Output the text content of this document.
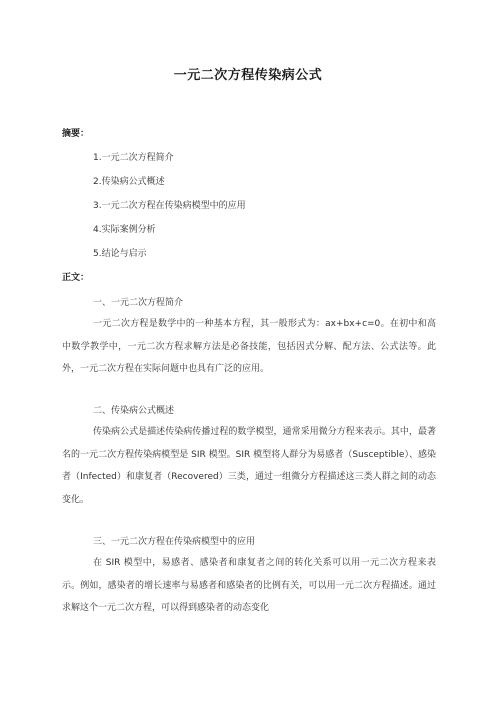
一元二次方程传染病公式
摘要：
1.一元二次方程简介
2.传染病公式概述
3.一元二次方程在传染病模型中的应用
4.实际案例分析
5.结论与启示
正文：
一、一元二次方程简介

一元二次方程是数学中的一种基本方程，其一般形式为：ax+bx+c=0。在初中和高中数学教学中，一元二次方程求解方法是必备技能，包括因式分解、配方法、公式法等。此外，一元二次方程在实际问题中也具有广泛的应用。

二、传染病公式概述

传染病公式是描述传染病传播过程的数学模型，通常采用微分方程来表示。其中，最著名的一元二次方程传染病模型是 SIR 模型。SIR 模型将人群分为易感者（Susceptible）、感染者（Infected）和康复者（Recovered）三类，通过一组微分方程描述这三类人群之间的动态变化。

三、一元二次方程在传染病模型中的应用

在 SIR 模型中，易感者、感染者和康复者之间的转化关系可以用一元二次方程来表示。例如，感染者的增长速率与易感者和感染者的比例有关，可以用一元二次方程描述。通过求解这个一元二次方程，可以得到感染者的动态变化
